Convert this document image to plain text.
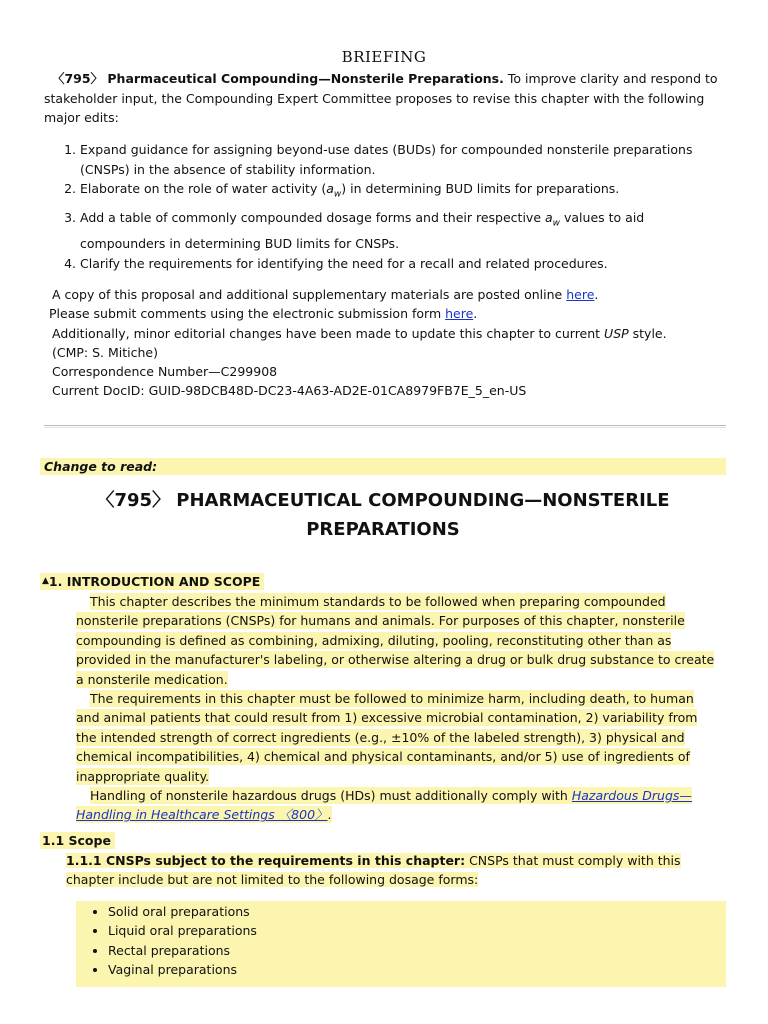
BRIEFING
〈795〉 Pharmaceutical Compounding—Nonsterile Preparations. To improve clarity and respond to stakeholder input, the Compounding Expert Committee proposes to revise this chapter with the following major edits:
1. Expand guidance for assigning beyond-use dates (BUDs) for compounded nonsterile preparations (CNSPs) in the absence of stability information.
2. Elaborate on the role of water activity $(a_w)$ in determining BUD limits for preparations.
3. Add a table of commonly compounded dosage forms and their respective $a_w$ values to aid compounders in determining BUD limits for CNSPs.
4. Clarify the requirements for identifying the need for a recall and related procedures.
A copy of this proposal and additional supplementary materials are posted online here.
Please submit comments using the electronic submission form here.
Additionally, minor editorial changes have been made to update this chapter to current USP style.
(CMP: S. Mitiche)
Correspondence Number—C299908
Current DocID: GUID-98DCB48D-DC23-4A63-AD2E-01CA8979FB7E_5_en-US
Change to read:
〈795〉 PHARMACEUTICAL COMPOUNDING—NONSTERILE
PREPARATIONS
▲1. INTRODUCTION AND SCOPE

This chapter describes the minimum standards to be followed when preparing compounded nonsterile preparations (CNSPs) for humans and animals. For purposes of this chapter, nonsterile compounding is defined as combining, admixing, diluting, pooling, reconstituting other than as provided in the manufacturer's labeling, or otherwise altering a drug or bulk drug substance to create a nonsterile medication.

The requirements in this chapter must be followed to minimize harm, including death, to human and animal patients that could result from 1) excessive microbial contamination, 2) variability from the intended strength of correct ingredients (e.g., ±10% of the labeled strength), 3) physical and chemical incompatibilities, 4) chemical and physical contaminants, and/or 5) use of ingredients of inappropriate quality.

Handling of nonsterile hazardous drugs (HDs) must additionally comply with Hazardous Drugs—Handling in Healthcare Settings 〈800〉.

1.1 Scope
1.1.1 CNSPs subject to the requirements in this chapter: CNSPs that must comply with this chapter include but are not limited to the following dosage forms:
• Solid oral preparations
• Liquid oral preparations
• Rectal preparations
• Vaginal preparations
